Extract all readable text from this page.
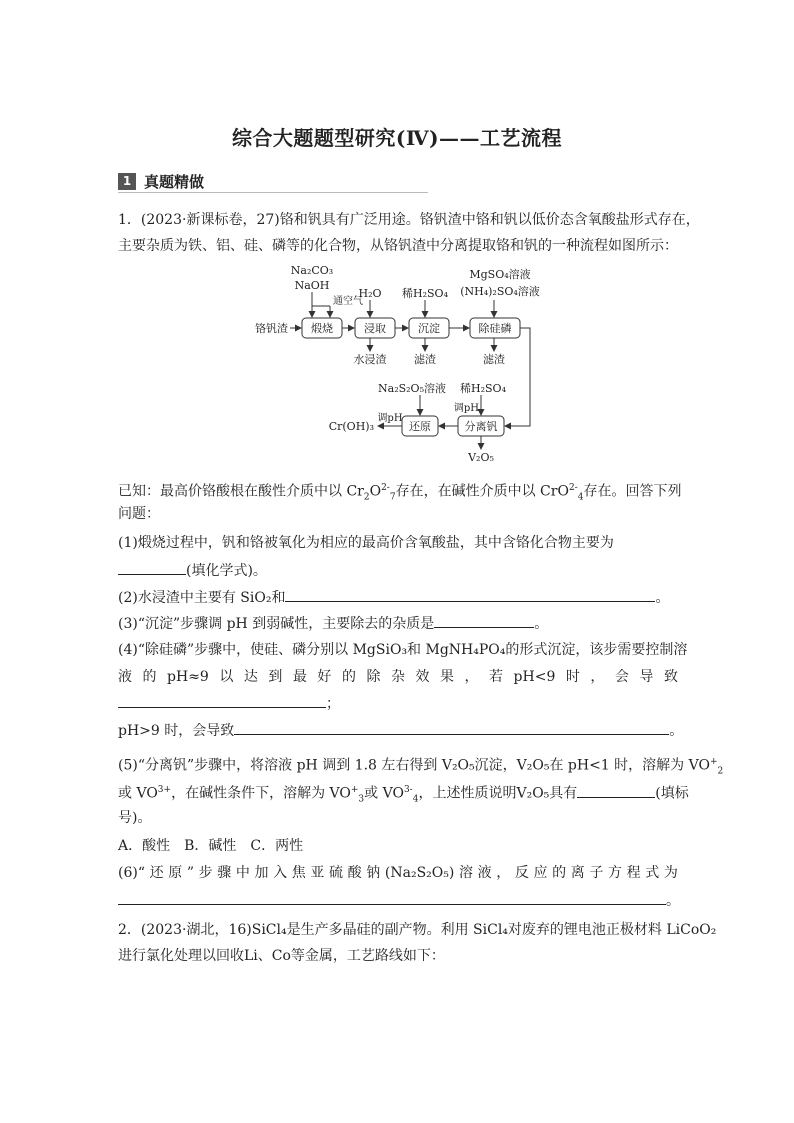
综合大题题型研究(Ⅳ)——工艺流程
1 真题精做
1．(2023·新课标卷，27)铬和钒具有广泛用途。铬钒渣中铬和钒以低价态含氧酸盐形式存在，
主要杂质为铁、铝、硅、磷等的化合物，从铬钒渣中分离提取铬和钒的一种流程如图所示：
Na₂CO₃
NaOH
通空气
H₂O 稀H₂SO₄
MgSO₄溶液
(NH₄)₂SO₄溶液
铬钒渣 煅烧	浸取	沉淀	除硅磷
水浸渣	滤渣	滤渣
Na₂S₂O₅溶液 稀H₂SO₄
调pH
调pH
还原	分离钒
Cr(OH)₃
V₂O₅
已知：最高价铬酸根在酸性介质中以 $Cr_2O^{2-}_7$存在，在碱性介质中以 CrO$^{2-}_4$存在。回答下列
问题：
(1)煅烧过程中，钒和铬被氧化为相应的最高价含氧酸盐，其中含铬化合物主要为
(填化学式)。
(2)水浸渣中主要有 SiO₂和	。
(3)“沉淀”步骤调 pH 到弱碱性，主要除去的杂质是	。
(4)“除硅磷”步骤中，使硅、磷分别以 MgSiO₃和 MgNH₄PO₄的形式沉淀，该步需要控制溶
液 的 pH≈9 以 达 到 最 好 的 除 杂 效 果 ， 若 pH<9 时 ， 会 导 致
；
pH>9 时，会导致	。
(5)“分离钒”步骤中，将溶液 pH 调到 1.8 左右得到 V₂O₅沉淀，V₂O₅在 pH<1 时，溶解为 $VO^+_2$
或 $VO^{3+}$，在碱性条件下，溶解为 $VO^+_3$或 $VO^{3-}_4$，上述性质说明V₂O₅具有	(填标
号)。
A．酸性　B．碱性　C．两性
(6)“ 还 原 ” 步 骤 中 加 入 焦 亚 硫 酸 钠 (Na₂S₂O₅) 溶 液 ， 反 应 的 离 子 方 程 式 为
。
2．(2023·湖北，16)SiCl₄是生产多晶硅的副产物。利用 SiCl₄对废弃的锂电池正极材料 LiCoO₂
进行氯化处理以回收Li、Co等金属，工艺路线如下：
